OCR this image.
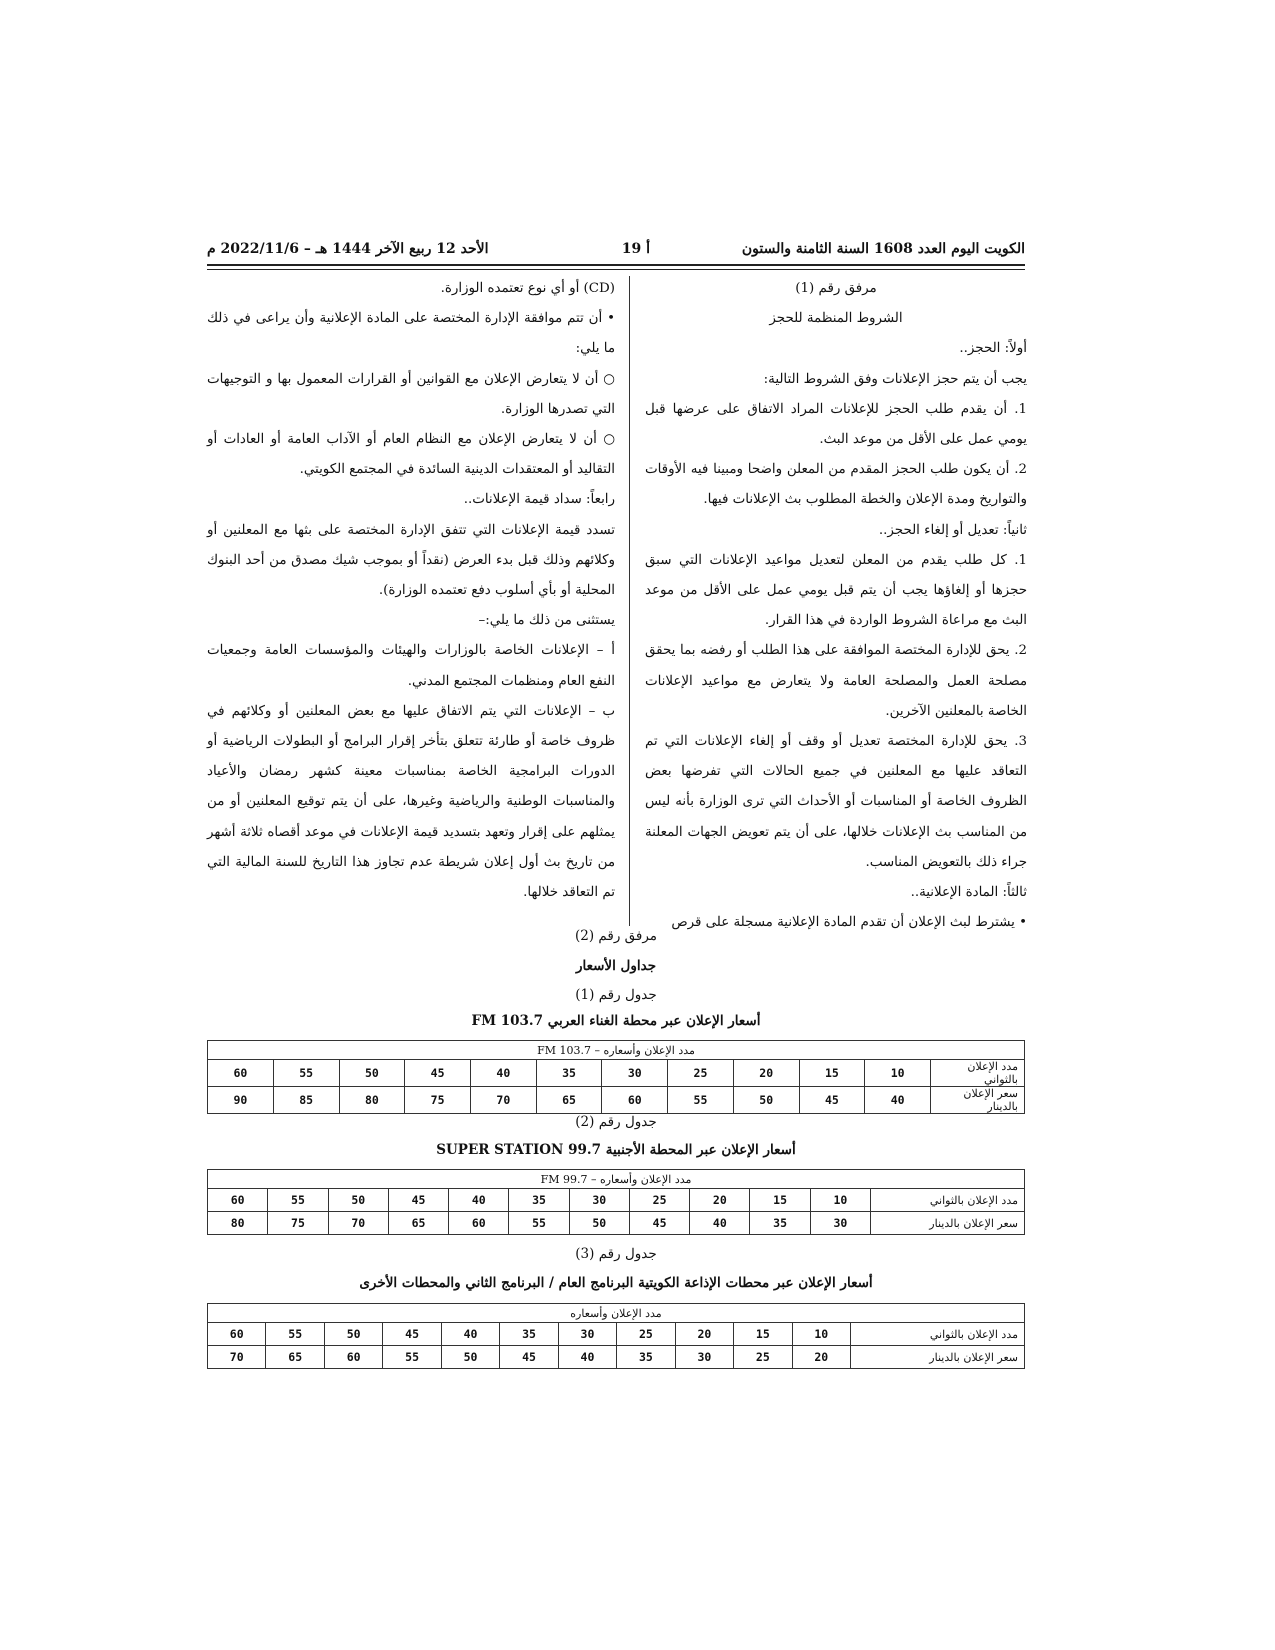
الكويت اليوم العدد 1608 السنة الثامنة والستون
أ 19
الأحد 12 ربيع الآخر 1444 هـ – 2022/11/6 م

مرفق رقم (1)

الشروط المنظمة للحجز

أولاً: الحجز..

يجب أن يتم حجز الإعلانات وفق الشروط التالية:

1. أن يقدم طلب الحجز للإعلانات المراد الاتفاق على عرضها قبل يومي عمل على الأقل من موعد البث.

2. أن يكون طلب الحجز المقدم من المعلن واضحا ومبينا فيه الأوقات والتواريخ ومدة الإعلان والخطة المطلوب بث الإعلانات فيها.

ثانياً: تعديل أو إلغاء الحجز..

1. كل طلب يقدم من المعلن لتعديل مواعيد الإعلانات التي سبق حجزها أو إلغاؤها يجب أن يتم قبل يومي عمل على الأقل من موعد البث مع مراعاة الشروط الواردة في هذا القرار.

2. يحق للإدارة المختصة الموافقة على هذا الطلب أو رفضه بما يحقق مصلحة العمل والمصلحة العامة ولا يتعارض مع مواعيد الإعلانات الخاصة بالمعلنين الآخرين.

3. يحق للإدارة المختصة تعديل أو وقف أو إلغاء الإعلانات التي تم التعاقد عليها مع المعلنين في جميع الحالات التي تفرضها بعض الظروف الخاصة أو المناسبات أو الأحداث التي ترى الوزارة بأنه ليس من المناسب بث الإعلانات خلالها، على أن يتم تعويض الجهات المعلنة جراء ذلك بالتعويض المناسب.

ثالثاً: المادة الإعلانية..

• يشترط لبث الإعلان أن تقدم المادة الإعلانية مسجلة على قرص

(CD) أو أي نوع تعتمده الوزارة.

• أن تتم موافقة الإدارة المختصة على المادة الإعلانية وأن يراعى في ذلك ما يلي:

○ أن لا يتعارض الإعلان مع القوانين أو القرارات المعمول بها و التوجيهات التي تصدرها الوزارة.

○ أن لا يتعارض الإعلان مع النظام العام أو الآداب العامة أو العادات أو التقاليد أو المعتقدات الدينية السائدة في المجتمع الكويتي.

رابعاً: سداد قيمة الإعلانات..

تسدد قيمة الإعلانات التي تتفق الإدارة المختصة على بثها مع المعلنين أو وكلائهم وذلك قبل بدء العرض (نقداً أو بموجب شيك مصدق من أحد البنوك المحلية أو بأي أسلوب دفع تعتمده الوزارة).

يستثنى من ذلك ما يلي:–

أ – الإعلانات الخاصة بالوزارات والهيئات والمؤسسات العامة وجمعيات النفع العام ومنظمات المجتمع المدني.

ب – الإعلانات التي يتم الاتفاق عليها مع بعض المعلنين أو وكلائهم في ظروف خاصة أو طارئة تتعلق بتأخر إقرار البرامج أو البطولات الرياضية أو الدورات البرامجية الخاصة بمناسبات معينة كشهر رمضان والأعياد والمناسبات الوطنية والرياضية وغيرها، على أن يتم توقيع المعلنين أو من يمثلهم على إقرار وتعهد بتسديد قيمة الإعلانات في موعد أقصاه ثلاثة أشهر من تاريخ بث أول إعلان شريطة عدم تجاوز هذا التاريخ للسنة المالية التي تم التعاقد خلالها.

مرفق رقم (2)
جداول الأسعار
جدول رقم (1)
أسعار الإعلان عبر محطة الغناء العربي FM 103.7
مدد الإعلان وأسعاره – FM 103.7											
مدد الإعلان بالثواني	10	15	20	25	30	35	40	45	50	55	60
سعر الإعلان بالدينار	40	45	50	55	60	65	70	75	80	85	90
جدول رقم (2)
أسعار الإعلان عبر المحطة الأجنبية 99.7 SUPER STATION
مدد الإعلان وأسعاره – FM 99.7											
مدد الإعلان بالثواني	10	15	20	25	30	35	40	45	50	55	60
سعر الإعلان بالدينار	30	35	40	45	50	55	60	65	70	75	80
جدول رقم (3)
أسعار الإعلان عبر محطات الإذاعة الكويتية البرنامج العام / البرنامج الثاني والمحطات الأخرى
مدد الإعلان وأسعاره											
مدد الإعلان بالثواني	10	15	20	25	30	35	40	45	50	55	60
سعر الإعلان بالدينار	20	25	30	35	40	45	50	55	60	65	70
